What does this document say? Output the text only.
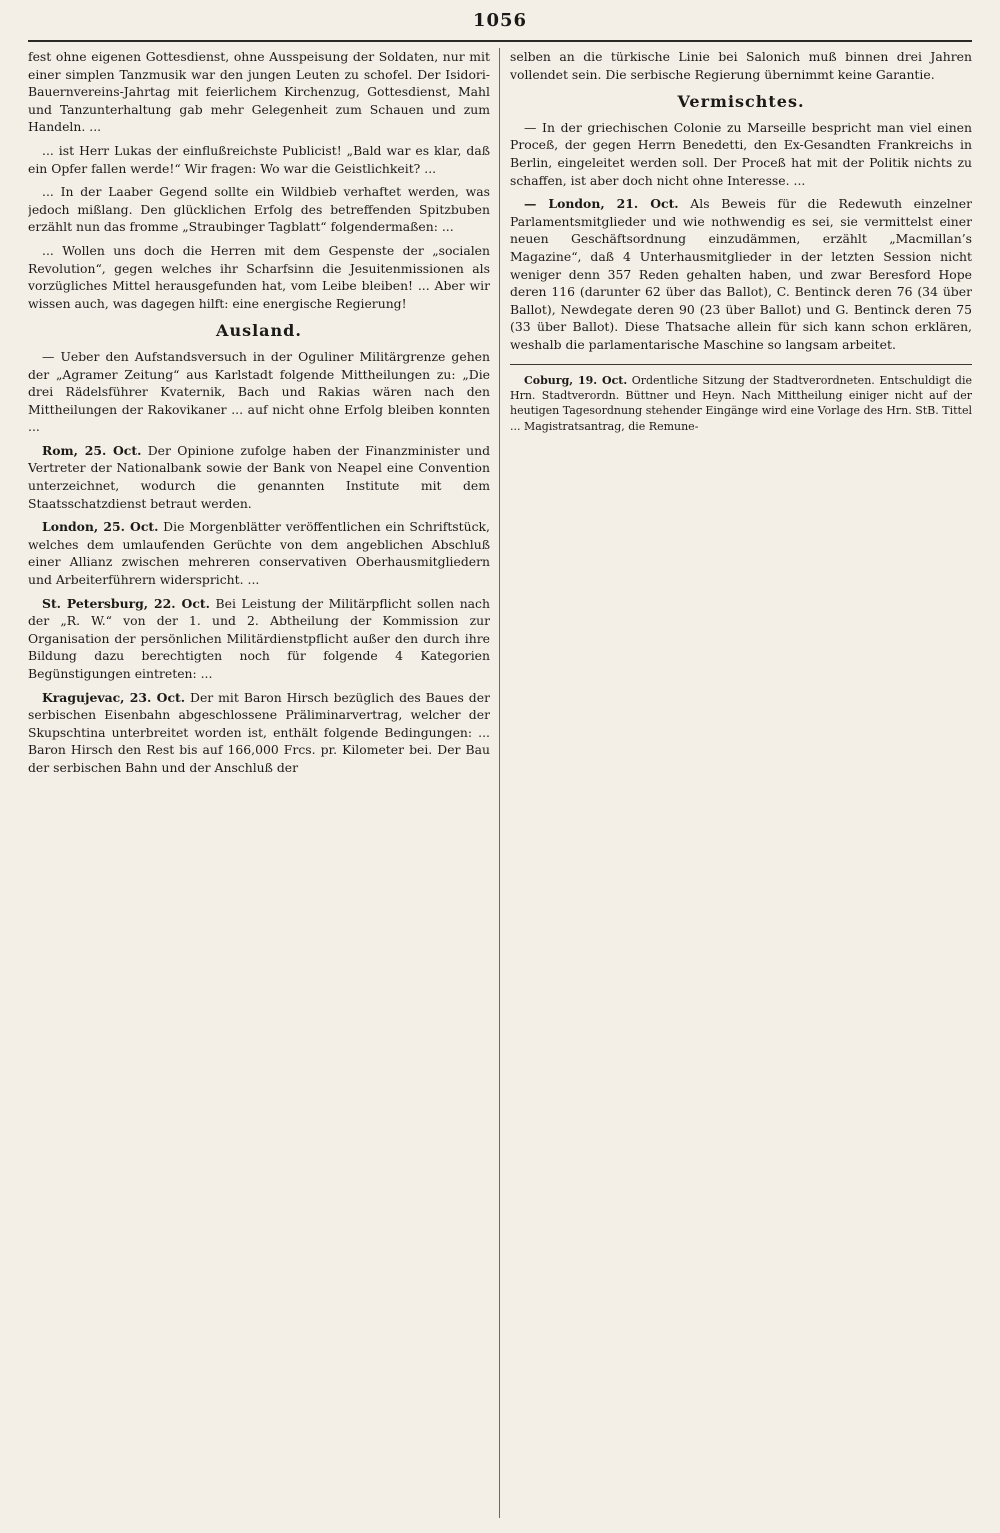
1056

fest ohne eigenen Gottesdienst, ohne Ausspeisung der Soldaten, nur mit einer simplen Tanzmusik war den jungen Leuten zu schofel. Der Isidori-Bauernvereins-Jahrtag mit feierlichem Kirchenzug, Gottesdienst, Mahl und Tanzunterhaltung gab mehr Gelegenheit zum Schauen und zum Handeln. ...

... ist Herr Lukas der einflußreichste Publicist! „Bald war es klar, daß ein Opfer fallen werde!“ Wir fragen: Wo war die Geistlichkeit? ...

... In der Laaber Gegend sollte ein Wildbieb verhaftet werden, was jedoch mißlang. Den glücklichen Erfolg des betreffenden Spitzbuben erzählt nun das fromme „Straubinger Tagblatt“ folgendermaßen: ...

... Wollen uns doch die Herren mit dem Gespenste der „socialen Revolution“, gegen welches ihr Scharfsinn die Jesuitenmissionen als vorzügliches Mittel herausgefunden hat, vom Leibe bleiben! ... Aber wir wissen auch, was dagegen hilft: eine energische Regierung!

Ausland.

— Ueber den Aufstandsversuch in der Oguliner Militärgrenze gehen der „Agramer Zeitung“ aus Karlstadt folgende Mittheilungen zu: „Die drei Rädelsführer Kvaternik, Bach und Rakias wären nach den Mittheilungen der Rakovikaner ... auf nicht ohne Erfolg bleiben konnten ...

Rom, 25. Oct. Der Opinione zufolge haben der Finanzminister und Vertreter der Nationalbank sowie der Bank von Neapel eine Convention unterzeichnet, wodurch die genannten Institute mit dem Staatsschatzdienst betraut werden.

London, 25. Oct. Die Morgenblätter veröffentlichen ein Schriftstück, welches dem umlaufenden Gerüchte von dem angeblichen Abschluß einer Allianz zwischen mehreren conservativen Oberhausmitgliedern und Arbeiterführern widerspricht. ...

St. Petersburg, 22. Oct. Bei Leistung der Militärpflicht sollen nach der „R. W.“ von der 1. und 2. Abtheilung der Kommission zur Organisation der persönlichen Militärdienstpflicht außer den durch ihre Bildung dazu berechtigten noch für folgende 4 Kategorien Begünstigungen eintreten: ...

Kragujevac, 23. Oct. Der mit Baron Hirsch bezüglich des Baues der serbischen Eisenbahn abgeschlossene Präliminarvertrag, welcher der Skupschtina unterbreitet worden ist, enthält folgende Bedingungen: ... Baron Hirsch den Rest bis auf 166,000 Frcs. pr. Kilometer bei. Der Bau der serbischen Bahn und der Anschluß der

selben an die türkische Linie bei Salonich muß binnen drei Jahren vollendet sein. Die serbische Regierung übernimmt keine Garantie.

Vermischtes.

— In der griechischen Colonie zu Marseille bespricht man viel einen Proceß, der gegen Herrn Benedetti, den Ex-Gesandten Frankreichs in Berlin, eingeleitet werden soll. Der Proceß hat mit der Politik nichts zu schaffen, ist aber doch nicht ohne Interesse. ...

— London, 21. Oct. Als Beweis für die Redewuth einzelner Parlamentsmitglieder und wie nothwendig es sei, sie vermittelst einer neuen Geschäftsordnung einzudämmen, erzählt „Macmillan’s Magazine“, daß 4 Unterhausmitglieder in der letzten Session nicht weniger denn 357 Reden gehalten haben, und zwar Beresford Hope deren 116 (darunter 62 über das Ballot), C. Bentinck deren 76 (34 über Ballot), Newdegate deren 90 (23 über Ballot) und G. Bentinck deren 75 (33 über Ballot). Diese Thatsache allein für sich kann schon erklären, weshalb die parlamentarische Maschine so langsam arbeitet.

Coburg, 19. Oct. Ordentliche Sitzung der Stadtverordneten. Entschuldigt die Hrn. Stadtverordn. Büttner und Heyn. Nach Mittheilung einiger nicht auf der heutigen Tagesordnung stehender Eingänge wird eine Vorlage des Hrn. StB. Tittel ... Magistratsantrag, die Remune-
